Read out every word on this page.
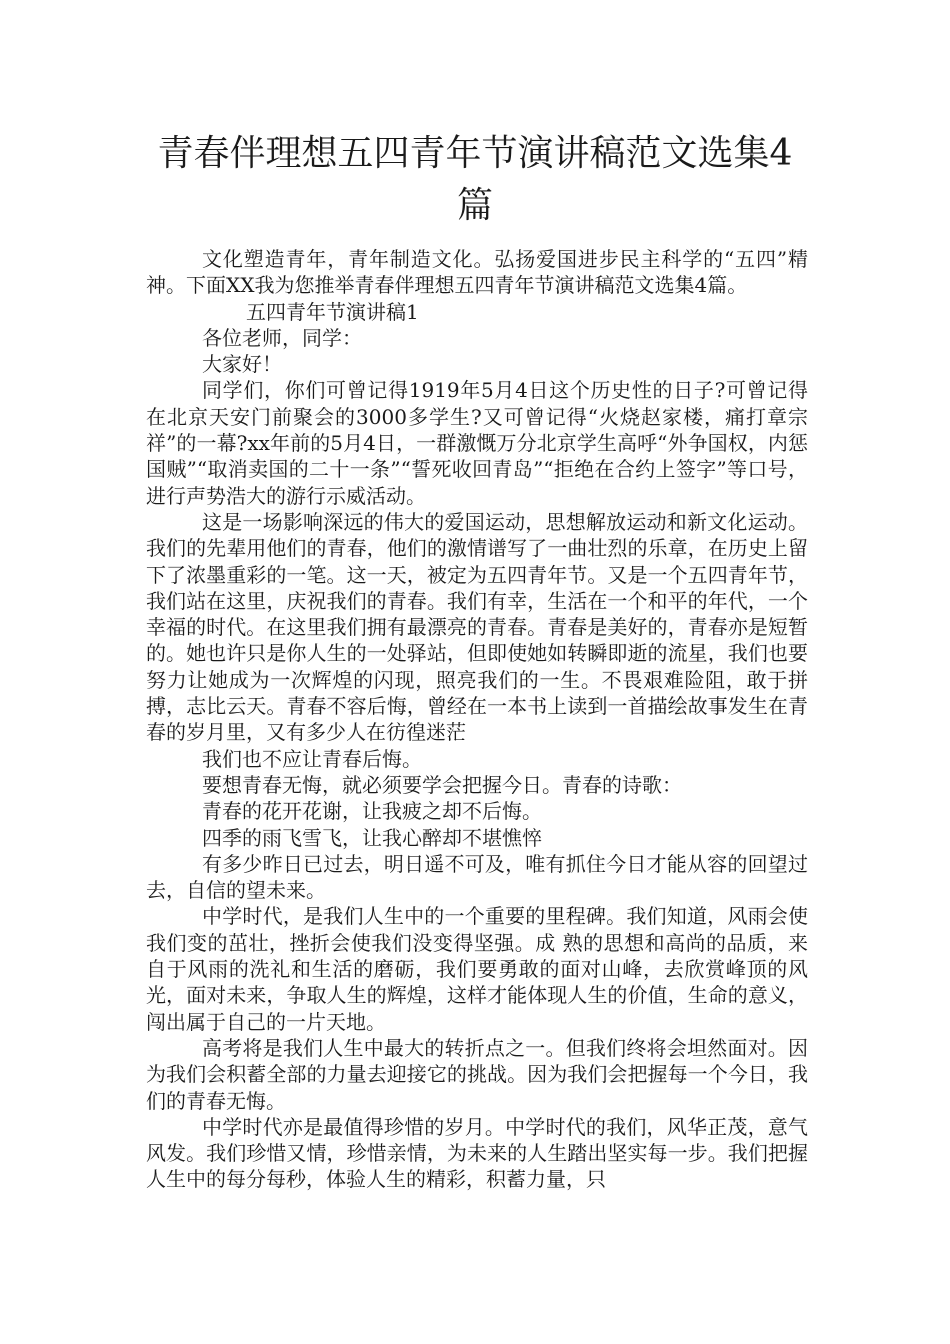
青春伴理想五四青年节演讲稿范文选集4篇

文化塑造青年，青年制造文化。弘扬爱国进步民主科学的“五四”精神。下面XX我为您推举青春伴理想五四青年节演讲稿范文选集4篇。

五四青年节演讲稿1

各位老师，同学：

大家好！

同学们，你们可曾记得1919年5月4日这个历史性的日子?可曾记得在北京天安门前聚会的3000多学生?又可曾记得“火烧赵家楼，痛打章宗祥”的一幕?xx年前的5月4日，一群激慨万分北京学生高呼“外争国权，内惩国贼”“取消卖国的二十一条”“誓死收回青岛”“拒绝在合约上签字”等口号，进行声势浩大的游行示威活动。

这是一场影响深远的伟大的爱国运动，思想解放运动和新文化运动。我们的先辈用他们的青春，他们的激情谱写了一曲壮烈的乐章，在历史上留下了浓墨重彩的一笔。这一天，被定为五四青年节。又是一个五四青年节，我们站在这里，庆祝我们的青春。我们有幸，生活在一个和平的年代，一个幸福的时代。在这里我们拥有最漂亮的青春。青春是美好的，青春亦是短暂的。她也许只是你人生的一处驿站，但即使她如转瞬即逝的流星，我们也要努力让她成为一次辉煌的闪现，照亮我们的一生。不畏艰难险阻，敢于拼搏，志比云天。青春不容后悔，曾经在一本书上读到一首描绘故事发生在青春的岁月里，又有多少人在彷徨迷茫

我们也不应让青春后悔。

要想青春无悔，就必须要学会把握今日。青春的诗歌：

青春的花开花谢，让我疲之却不后悔。

四季的雨飞雪飞，让我心醉却不堪憔悴

有多少昨日已过去，明日遥不可及，唯有抓住今日才能从容的回望过去，自信的望未来。

中学时代，是我们人生中的一个重要的里程碑。我们知道，风雨会使我们变的茁壮，挫折会使我们没变得坚强。成 熟的思想和高尚的品质，来自于风雨的洗礼和生活的磨砺，我们要勇敢的面对山峰，去欣赏峰顶的风光，面对未来，争取人生的辉煌，这样才能体现人生的价值，生命的意义，闯出属于自己的一片天地。

高考将是我们人生中最大的转折点之一。但我们终将会坦然面对。因为我们会积蓄全部的力量去迎接它的挑战。因为我们会把握每一个今日，我们的青春无悔。

中学时代亦是最值得珍惜的岁月。中学时代的我们，风华正茂，意气风发。我们珍惜又情，珍惜亲情，为未来的人生踏出坚实每一步。我们把握人生中的每分每秒，体验人生的精彩，积蓄力量，只
